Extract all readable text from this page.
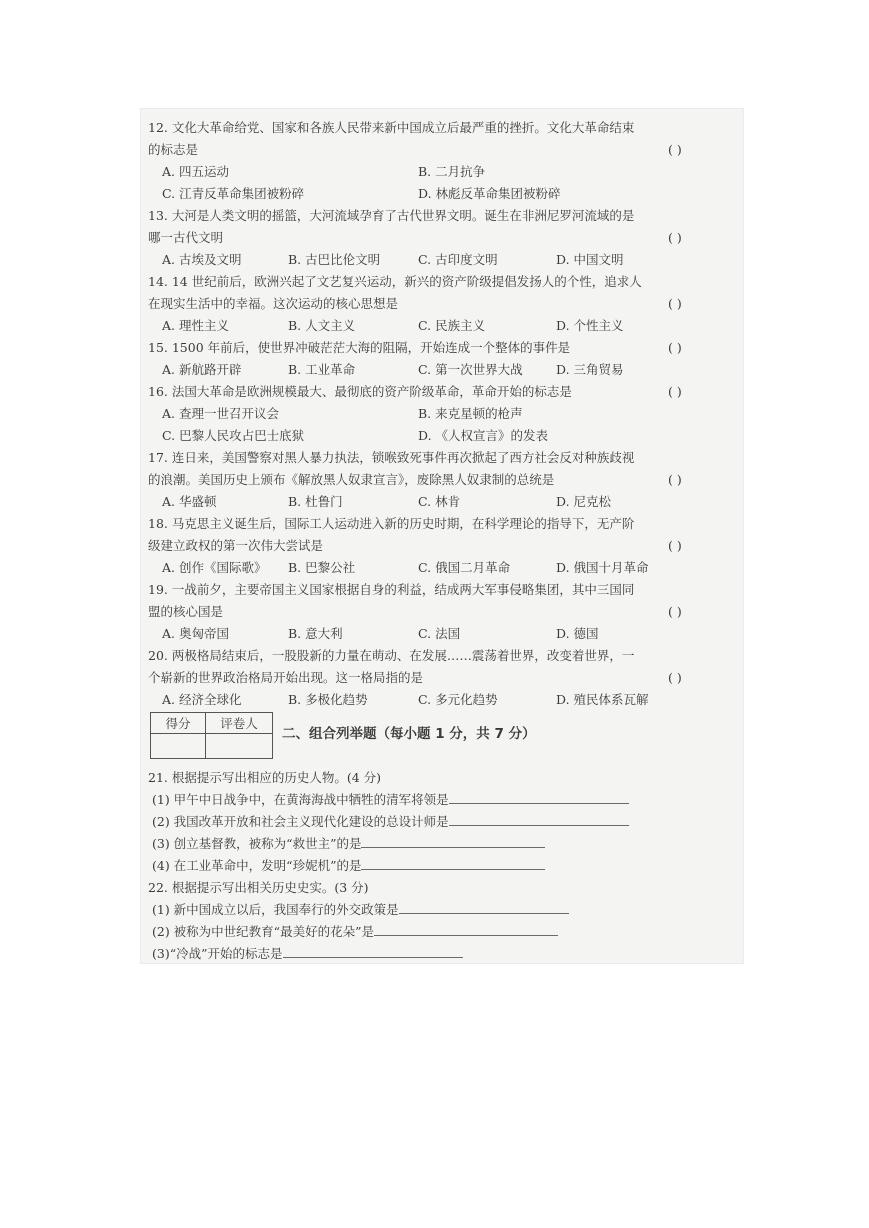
12. 文化大革命给党、国家和各族人民带来新中国成立后最严重的挫折。文化大革命结束
的标志是	( )
A. 四五运动	B. 二月抗争
C. 江青反革命集团被粉碎	D. 林彪反革命集团被粉碎
13. 大河是人类文明的摇篮，大河流域孕育了古代世界文明。诞生在非洲尼罗河流域的是
哪一古代文明	( )
A. 古埃及文明	B. 古巴比伦文明	C. 古印度文明	D. 中国文明
14. 14 世纪前后，欧洲兴起了文艺复兴运动，新兴的资产阶级提倡发扬人的个性，追求人
在现实生活中的幸福。这次运动的核心思想是	( )
A. 理性主义	B. 人文主义	C. 民族主义	D. 个性主义
15. 1500 年前后，使世界冲破茫茫大海的阻隔，开始连成一个整体的事件是	( )
A. 新航路开辟	B. 工业革命	C. 第一次世界大战	D. 三角贸易
16. 法国大革命是欧洲规模最大、最彻底的资产阶级革命，革命开始的标志是	( )
A. 查理一世召开议会	B. 来克星顿的枪声
C. 巴黎人民攻占巴士底狱	D. 《人权宣言》的发表
17. 连日来，美国警察对黑人暴力执法，锁喉致死事件再次掀起了西方社会反对种族歧视
的浪潮。美国历史上颁布《解放黑人奴隶宣言》，废除黑人奴隶制的总统是	( )
A. 华盛顿	B. 杜鲁门	C. 林肯	D. 尼克松
18. 马克思主义诞生后，国际工人运动进入新的历史时期，在科学理论的指导下，无产阶
级建立政权的第一次伟大尝试是	( )
A. 创作《国际歌》 B. 巴黎公社	C. 俄国二月革命	D. 俄国十月革命
19. 一战前夕，主要帝国主义国家根据自身的利益，结成两大军事侵略集团，其中三国同
盟的核心国是	( )
A. 奥匈帝国	B. 意大利	C. 法国	D. 德国
20. 两极格局结束后，一股股新的力量在萌动、在发展……震荡着世界，改变着世界，一
个崭新的世界政治格局开始出现。这一格局指的是	( )
A. 经济全球化	B. 多极化趋势	C. 多元化趋势	D. 殖民体系瓦解
得分	评卷人

二、组合列举题（每小题 1 分，共 7 分）
21. 根据提示写出相应的历史人物。(4 分)
(1) 甲午中日战争中，在黄海海战中牺牲的清军将领是
(2) 我国改革开放和社会主义现代化建设的总设计师是
(3) 创立基督教，被称为“救世主”的是
(4) 在工业革命中，发明“珍妮机”的是
22. 根据提示写出相关历史史实。(3 分)
(1) 新中国成立以后，我国奉行的外交政策是
(2) 被称为中世纪教育“最美好的花朵”是
(3)“冷战”开始的标志是
